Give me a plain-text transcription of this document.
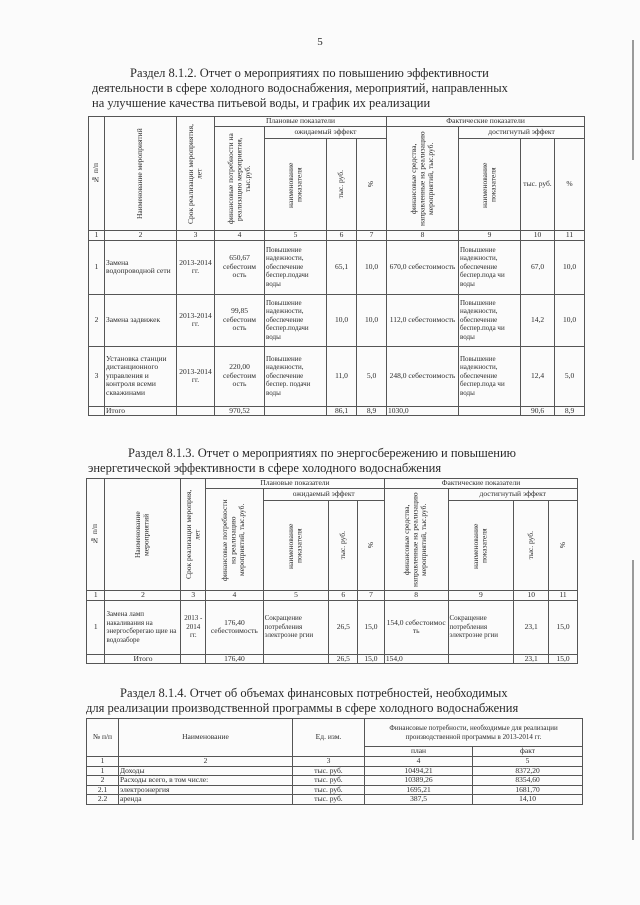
5
Раздел 8.1.2. Отчет о мероприятиях по повышению эффективности
деятельности в сфере холодного водоснабжения, мероприятий, направленных
на улучшение качества питьевой воды, и график их реализации
№ п/п	Наименование мероприятий	Срок реализации мероприятия, лет	Плановые показатели				Фактические показатели			

			финансовые потребности на реализацию мероприятия, тыс.руб.	ожидаемый эффект			финансовые средства, направленные на реализацию мероприятий, тыс.руб.	достигнутый эффект		

				наименование показателя	тыс. руб.	%		наименование показателя	тыс. руб.	%
1	2	3	4	5	6	7	8	9	10	11
1	Замена водопроводной сети	2013-2014 гг.	650,67 себестоим ость	Повышение надежности, обеспечение беспер.подачи воды	65,1	10,0	670,0 себестоимость	Повышение надежности, обеспечение беспер.пода чи воды	67,0	10,0
2	Замена задвижек	2013-2014 гг.	99,85 себестоим ость	Повышение надежности, обеспечение беспер.подачи воды	10,0	10,0	112,0 себестоимость	Повышение надежности, обеспечение беспер.пода чи воды	14,2	10,0
3	Установка станции дистанционного управления и контроля всеми скважинами	2013-2014 гг.	220,00 себестоим ость	Повышение надежности, обеспечение беспер. подачи воды	11,0	5,0	248,0 себестоимость	Повышение надежности, обеспечение беспер.пода чи воды	12,4	5,0
	Итого		970,52		86,1	8,9	1030,0		90,6	8,9
Раздел 8.1.3. Отчет о мероприятиях по энергосбережению и повышению
энергетической эффективности в сфере холодного водоснабжения
№ п/п	Наименование мероприятий	Срок реализации мероприя, лет	Плановые показатели				Фактические показатели			

			финансовые потребности на реализацию мероприятий, тыс.руб.	ожидаемый эффект			финансовые средства, направленные на реализацию мероприятий, тыс.руб.	достигнутый эффект		

				наименование показателя	тыс. руб.	%		наименование показателя	тыс. руб.	%

1	2	3	4	5	6	7	8	9	10	11
1	Замена ламп накаливания на энергосберегаю щие на водозаборе	2013 - 2014 гг.	176,40 себестоимость	Сокращение потребления электроэне ргии	26,5	15,0	154,0 себестоимос ть	Сокращение потребления электроэне ргии	23,1	15,0
	Итого		176,40		26,5	15,0	154,0		23,1	15,0
Раздел 8.1.4. Отчет об объемах финансовых потребностей, необходимых
для реализации производственной программы в сфере холодного водоснабжения
№ п/п	Наименование	Ед. изм.	Финансовые потребности, необходимые для реализации производственной программы в 2013-2014 гг.	
			план	факт
1	2	3	4	5
1	Доходы	тыс. руб.	10494,21	8372,20
2	Расходы всего, в том числе:	тыс. руб.	10389,26	8354,60
2.1	электроэнергия	тыс. руб.	1695,21	1681,70
2.2	аренда	тыс. руб.	387,5	14,10
